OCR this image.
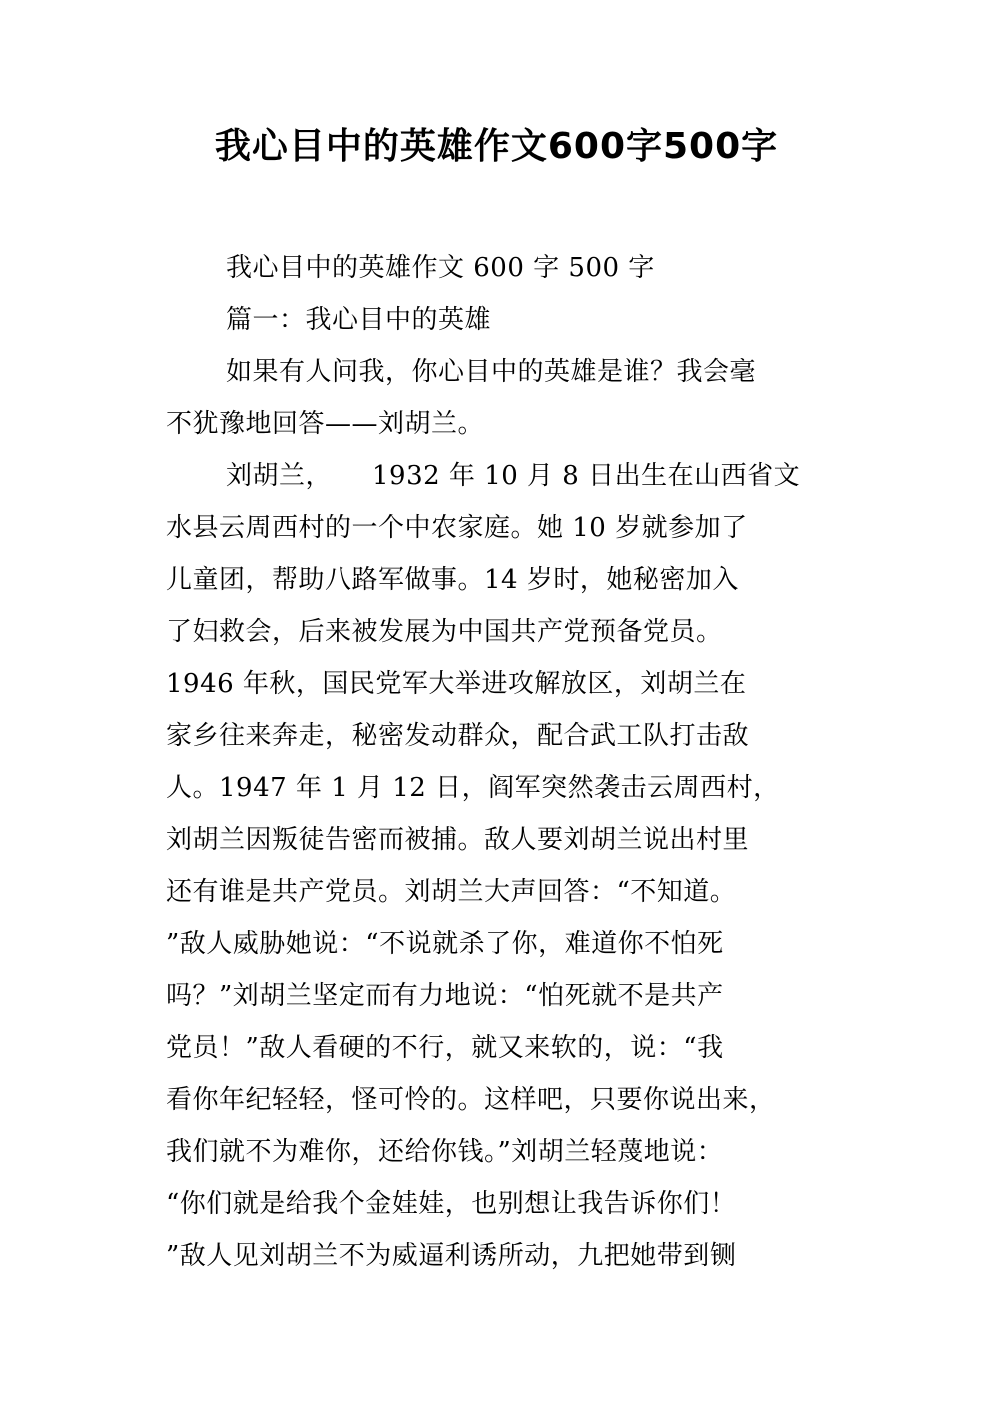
我心目中的英雄作文600字500字
我心目中的英雄作文 600 字 500 字
篇一：我心目中的英雄
如果有人问我，你心目中的英雄是谁？我会毫
不犹豫地回答——刘胡兰。
刘胡兰，　　1932 年 10 月 8 日出生在山西省文
水县云周西村的一个中农家庭。她 10 岁就参加了
儿童团，帮助八路军做事。14 岁时，她秘密加入
了妇救会，后来被发展为中国共产党预备党员。
1946 年秋，国民党军大举进攻解放区，刘胡兰在
家乡往来奔走，秘密发动群众，配合武工队打击敌
人。1947 年 1 月 12 日，阎军突然袭击云周西村，
刘胡兰因叛徒告密而被捕。敌人要刘胡兰说出村里
还有谁是共产党员。刘胡兰大声回答：“不知道。
”敌人威胁她说：“不说就杀了你，难道你不怕死
吗？”刘胡兰坚定而有力地说：“怕死就不是共产
党员！”敌人看硬的不行，就又来软的，说：“我
看你年纪轻轻，怪可怜的。这样吧，只要你说出来，
我们就不为难你，还给你钱。”刘胡兰轻蔑地说：
“你们就是给我个金娃娃，也别想让我告诉你们！
”敌人见刘胡兰不为威逼利诱所动，九把她带到铡
